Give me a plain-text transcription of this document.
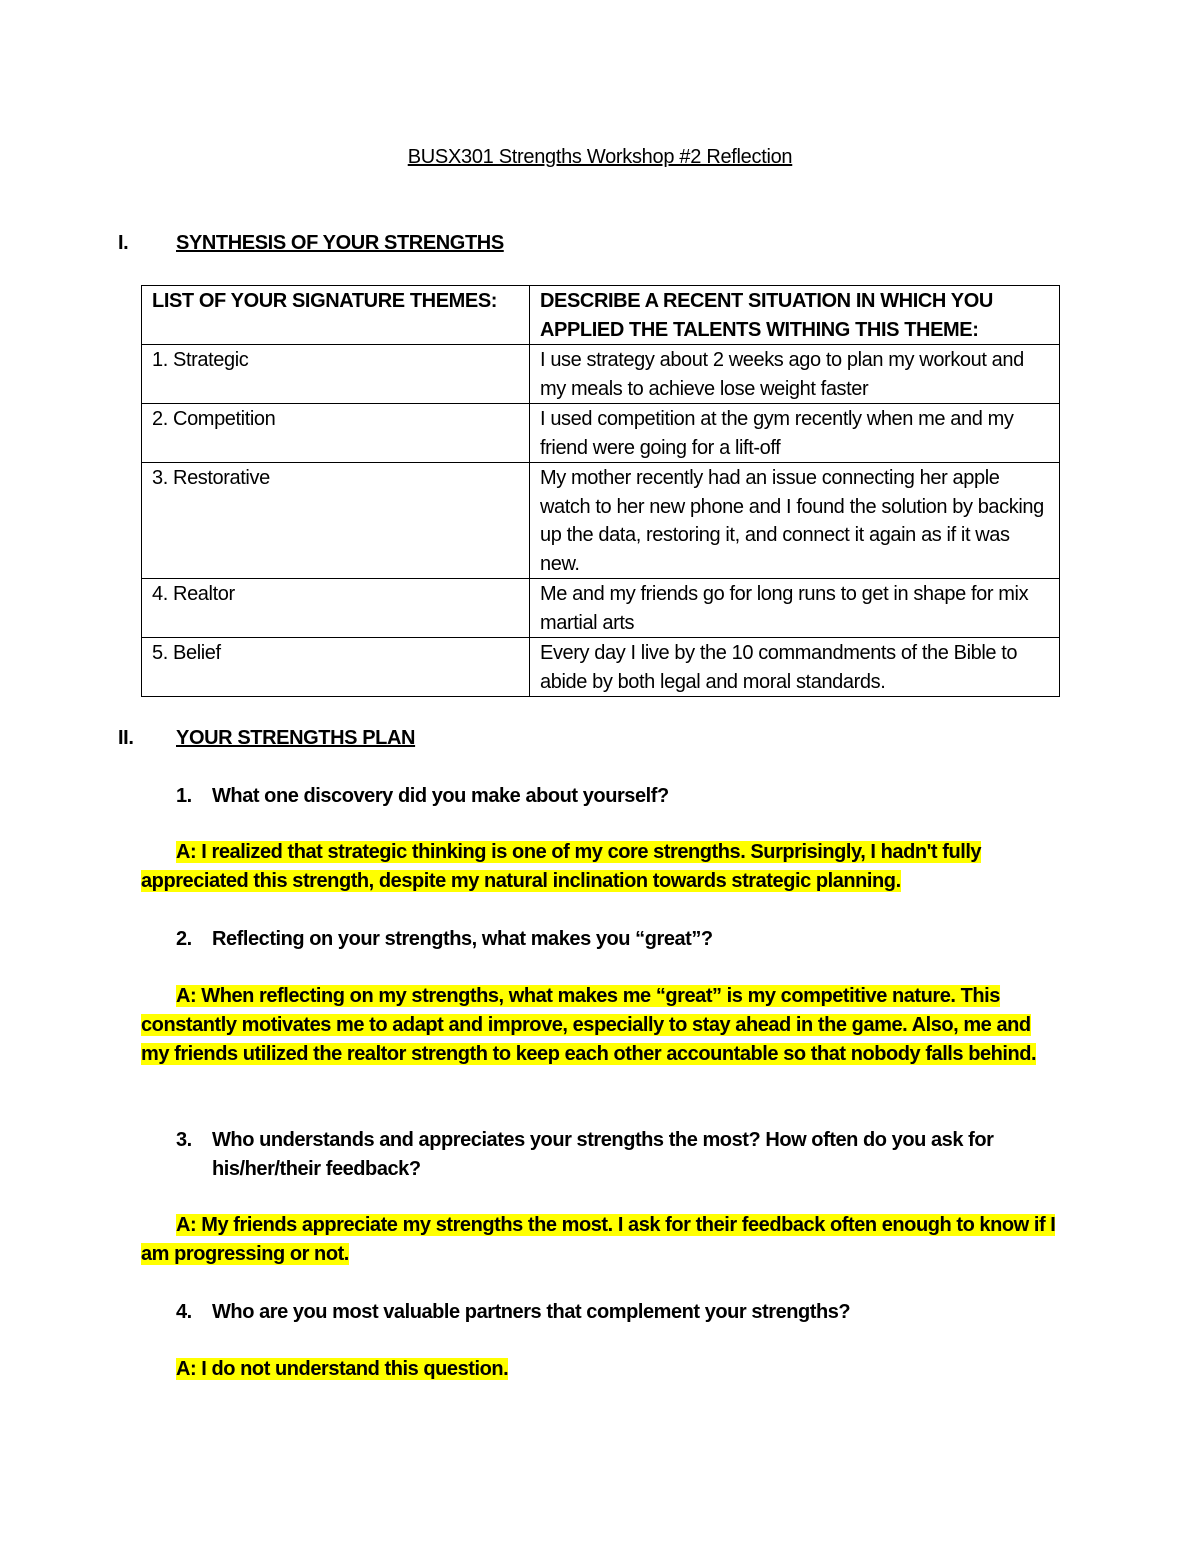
BUSX301 Strengths Workshop #2 Reflection
I.	SYNTHESIS OF YOUR STRENGTHS
LIST OF YOUR SIGNATURE THEMES:	DESCRIBE A RECENT SITUATION IN WHICH YOU APPLIED THE TALENTS WITHING THIS THEME:
1. Strategic	I use strategy about 2 weeks ago to plan my workout and my meals to achieve lose weight faster
2. Competition	I used competition at the gym recently when me and my friend were going for a lift-off
3. Restorative	My mother recently had an issue connecting her apple watch to her new phone and I found the solution by backing up the data, restoring it, and connect it again as if it was new.
4. Realtor	Me and my friends go for long runs to get in shape for mix martial arts
5. Belief	Every day I live by the 10 commandments of the Bible to abide by both legal and moral standards.
II.	YOUR STRENGTHS PLAN
1.	What one discovery did you make about yourself?
A: I realized that strategic thinking is one of my core strengths. Surprisingly, I hadn't fully appreciated this strength, despite my natural inclination towards strategic planning.
2.	Reflecting on your strengths, what makes you “great”?
A: When reflecting on my strengths, what makes me “great” is my competitive nature. This constantly motivates me to adapt and improve, especially to stay ahead in the game. Also, me and my friends utilized the realtor strength to keep each other accountable so that nobody falls behind.
3.	Who understands and appreciates your strengths the most? How often do you ask for his/her/their feedback?
A: My friends appreciate my strengths the most. I ask for their feedback often enough to know if I am progressing or not.
4.	Who are you most valuable partners that complement your strengths?
A: I do not understand this question.
